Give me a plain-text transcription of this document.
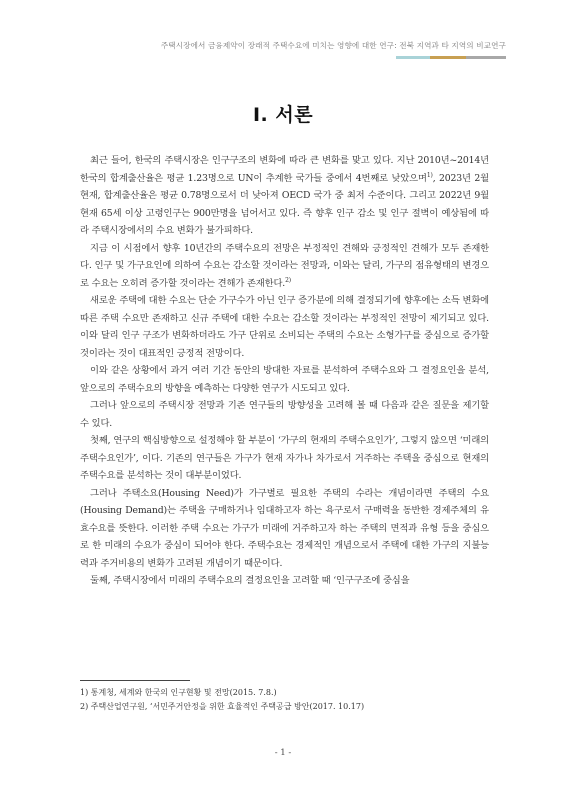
주택시장에서 금융제약이 장래적 주택수요에 미치는 영향에 대한 연구: 전북 지역과 타 지역의 비교연구
I. 서론

최근 들어, 한국의 주택시장은 인구구조의 변화에 따라 큰 변화를 맞고 있다. 지난 2010년~2014년 한국의 합계출산율은 평균 1.23명으로 UN이 추계한 국가들 중에서 4번째로 낮았으며$^{1)}$, 2023년 2월 현재, 합계출산율은 평균 0.78명으로서 더 낮아져 OECD 국가 중 최저 수준이다. 그리고 2022년 9월 현재 65세 이상 고령인구는 900만명을 넘어서고 있다. 즉 향후 인구 감소 및 인구 절벽이 예상됨에 따라 주택시장에서의 수요 변화가 불가피하다.

지금 이 시점에서 향후 10년간의 주택수요의 전망은 부정적인 견해와 긍정적인 견해가 모두 존재한다. 인구 및 가구요인에 의하여 수요는 감소할 것이라는 전망과, 이와는 달리, 가구의 점유형태의 변경으로 수요는 오히려 증가할 것이라는 견해가 존재한다.$^{2)}$

새로운 주택에 대한 수요는 단순 가구수가 아닌 인구 증가분에 의해 결정되기에 향후에는 소득 변화에 따른 주택 수요만 존재하고 신규 주택에 대한 수요는 감소할 것이라는 부정적인 전망이 제기되고 있다. 이와 달리 인구 구조가 변화하더라도 가구 단위로 소비되는 주택의 수요는 소형가구를 중심으로 증가할 것이라는 것이 대표적인 긍정적 전망이다.

이와 같은 상황에서 과거 여러 기간 동안의 방대한 자료를 분석하여 주택수요와 그 결정요인을 분석, 앞으로의 주택수요의 방향을 예측하는 다양한 연구가 시도되고 있다.

그러나 앞으로의 주택시장 전망과 기존 연구들의 방향성을 고려해 볼 때 다음과 같은 질문을 제기할 수 있다.

첫째, 연구의 핵심방향으로 설정해야 할 부분이 ‘가구의 현재의 주택수요인가’, 그렇지 않으면 ‘미래의 주택수요인가’, 이다. 기존의 연구들은 가구가 현재 자가나 차가로서 거주하는 주택을 중심으로 현재의 주택수요를 분석하는 것이 대부분이었다.

그러나 주택소요(Housing Need)가 가구별로 필요한 주택의 수라는 개념이라면 주택의 수요(Housing Demand)는 주택을 구매하거나 임대하고자 하는 욕구로서 구매력을 동반한 경제주체의 유효수요를 뜻한다. 이러한 주택 수요는 가구가 미래에 거주하고자 하는 주택의 면적과 유형 등을 중심으로 한 미래의 수요가 중심이 되어야 한다. 주택수요는 경제적인 개념으로서 주택에 대한 가구의 지불능력과 주거비용의 변화가 고려된 개념이기 때문이다.

둘째, 주택시장에서 미래의 주택수요의 결정요인을 고려할 때 ‘인구구조에 중심을

1) 통계청, 세계와 한국의 인구현황 및 전망(2015. 7.8.)
2) 주택산업연구원, ‘서민주거안정을 위한 효율적인 주택공급 방안(2017. 10.17)
- 1 -
